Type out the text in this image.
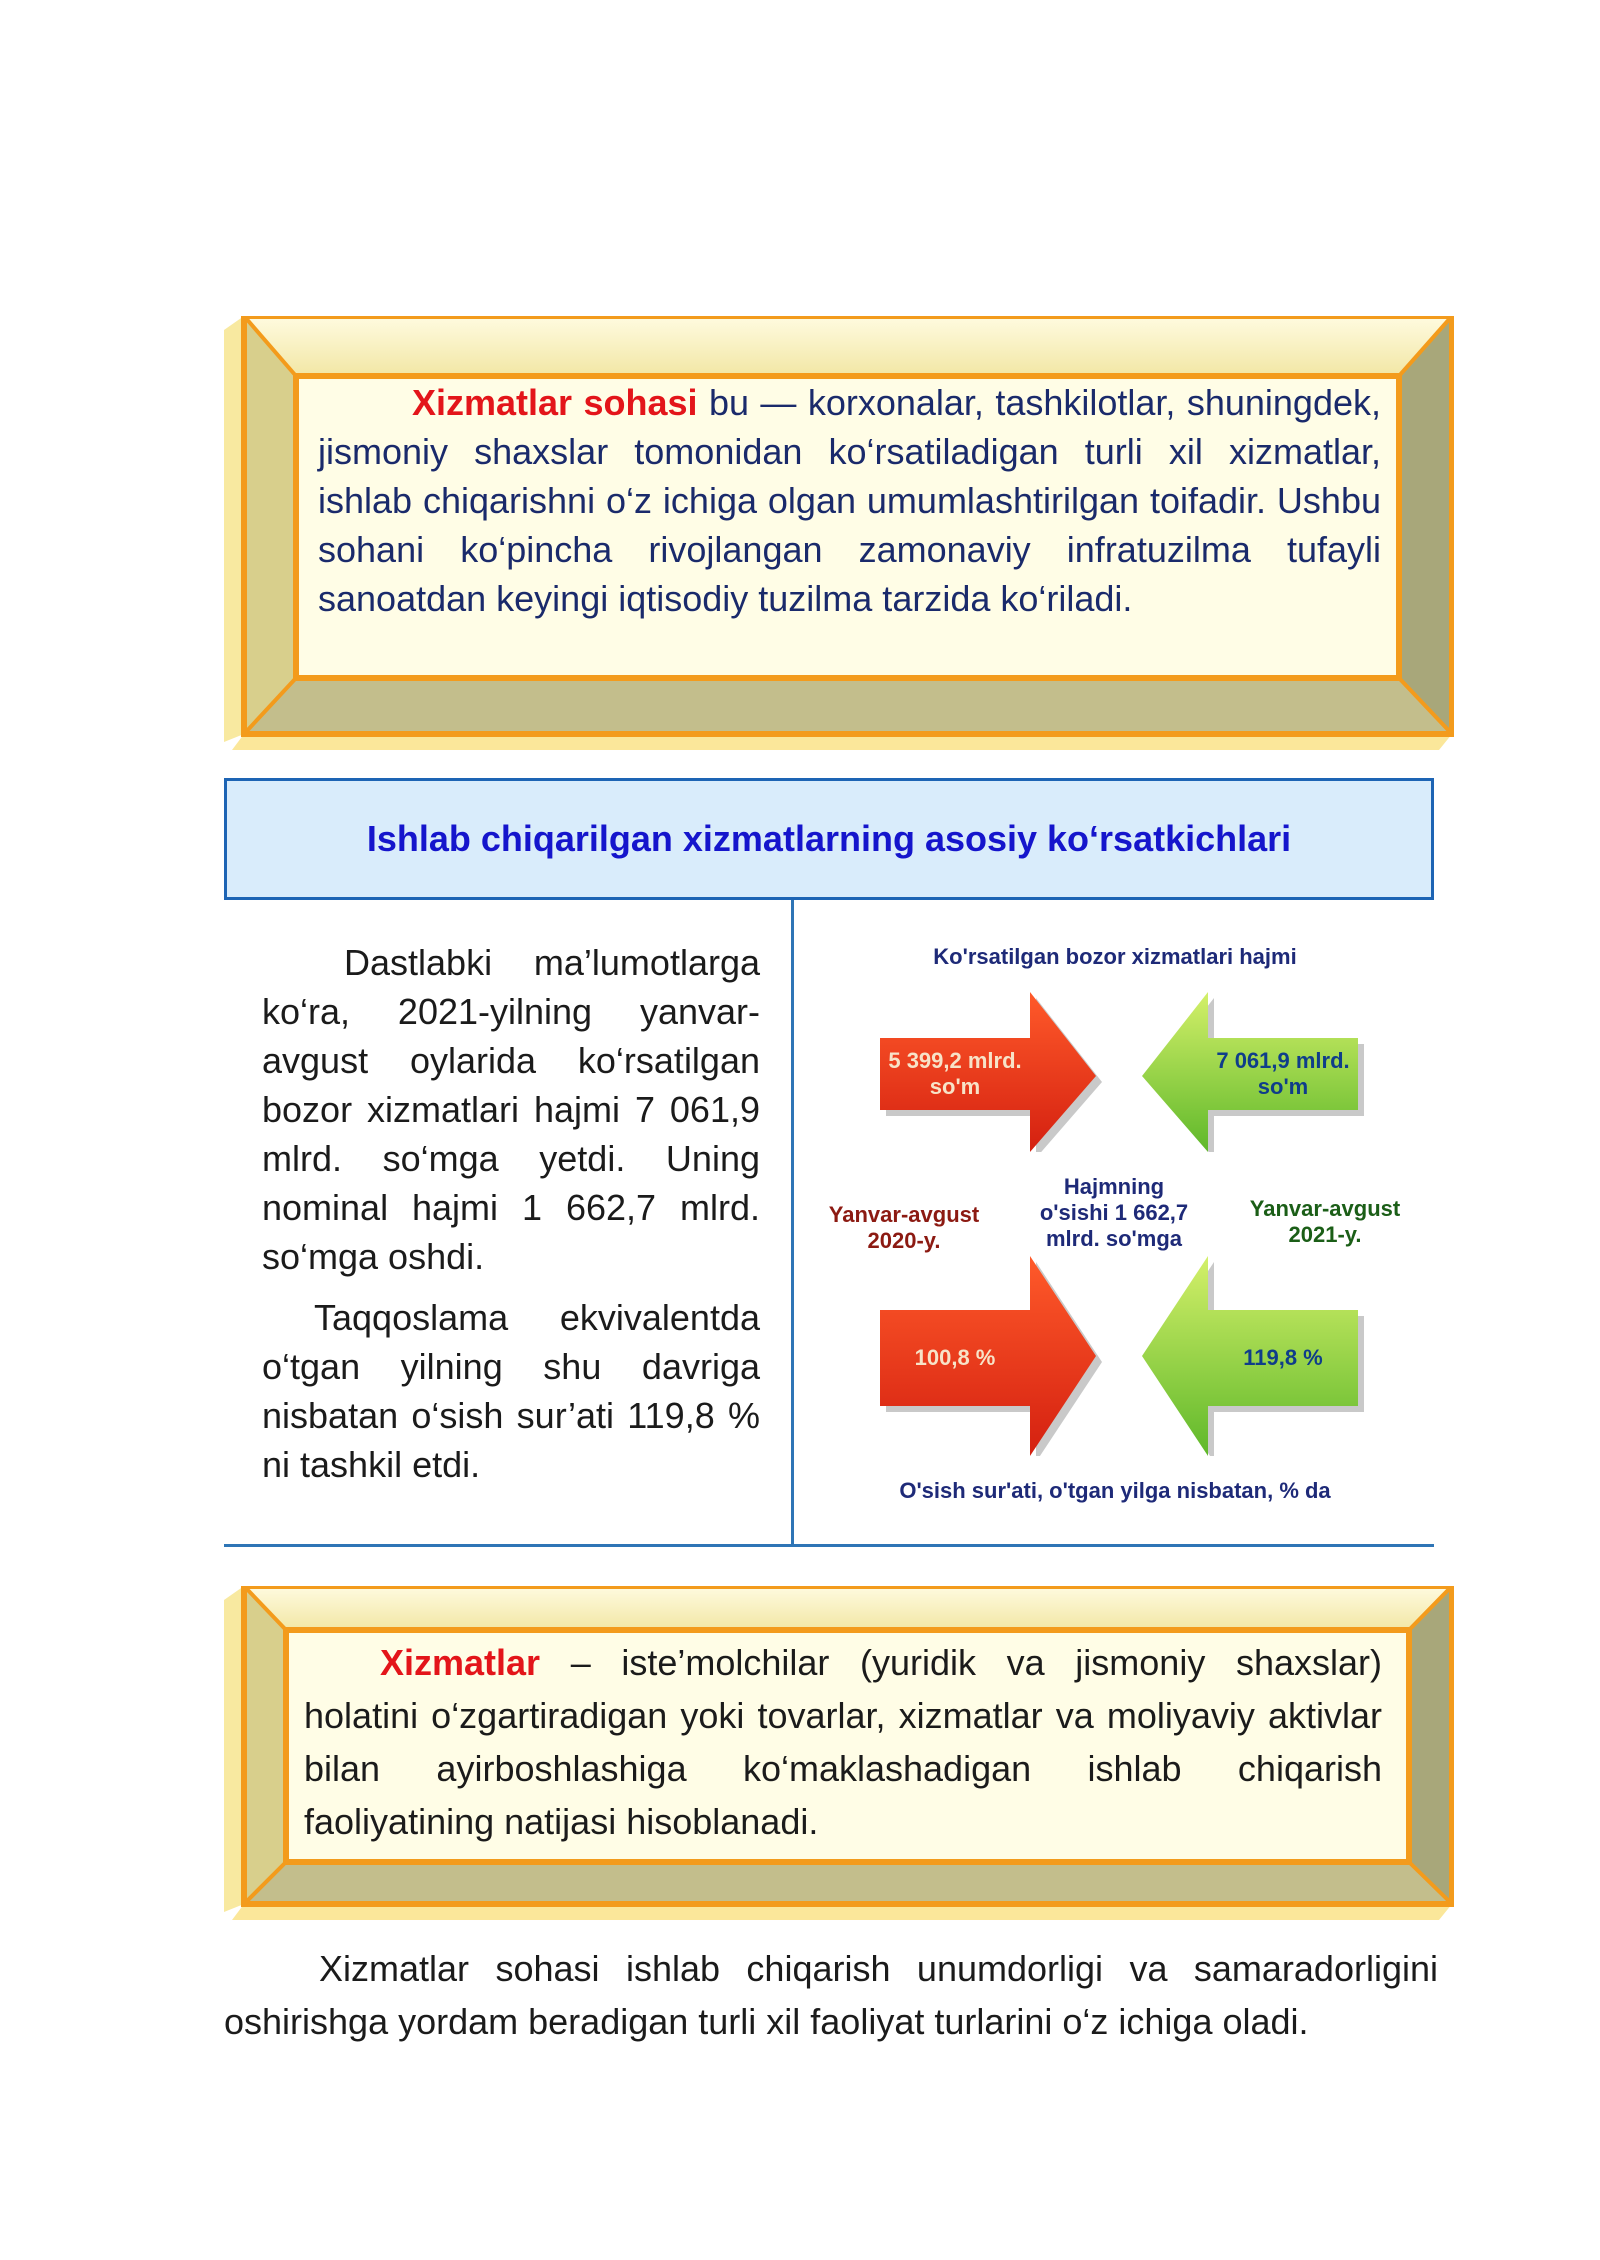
Xizmatlar sohasi bu — korxonalar, tashkilotlar, shuningdek, jismoniy shaxslar tomonidan ko‘rsatiladigan turli xil xizmatlar, ishlab chiqarishni o‘z ichiga olgan umumlashtirilgan toifadir. Ushbu sohani ko‘pincha rivojlangan zamonaviy infratuzilma tufayli sanoatdan keyingi iqtisodiy tuzilma tarzida ko‘riladi.

Ishlab chiqarilgan xizmatlarning asosiy ko‘rsatkichlari

Dastlabki ma’lumotlarga ko‘ra, 2021-yilning yanvar-avgust oylarida ko‘rsatilgan bozor xizmatlari hajmi 7 061,9 mlrd. so‘mga yetdi. Uning nominal hajmi 1 662,7 mlrd. so‘mga oshdi.

Taqqoslama ekvivalentda o‘tgan yilning shu davriga nisbatan o‘sish sur’ati 119,8 % ni tashkil etdi.

Ko'rsatilgan bozor xizmatlari hajmi
5 399,2 mlrd. so'm
7 061,9 mlrd. so'm
Yanvar-avgust 2020-y.
Yanvar-avgust 2021-y.
Hajmning o'sishi 1 662,7 mlrd. so'mga
100,8 %	119,8 %
O'sish sur'ati, o'tgan yilga nisbatan, % da

Xizmatlar – iste’molchilar (yuridik va jismoniy shaxslar) holatini o‘zgartiradigan yoki tovarlar, xizmatlar va moliyaviy aktivlar bilan ayirboshlashiga ko‘maklashadigan ishlab chiqarish faoliyatining natijasi hisoblanadi.

Xizmatlar sohasi ishlab chiqarish unumdorligi va samaradorligini oshirishga yordam beradigan turli xil faoliyat turlarini o‘z ichiga oladi.
